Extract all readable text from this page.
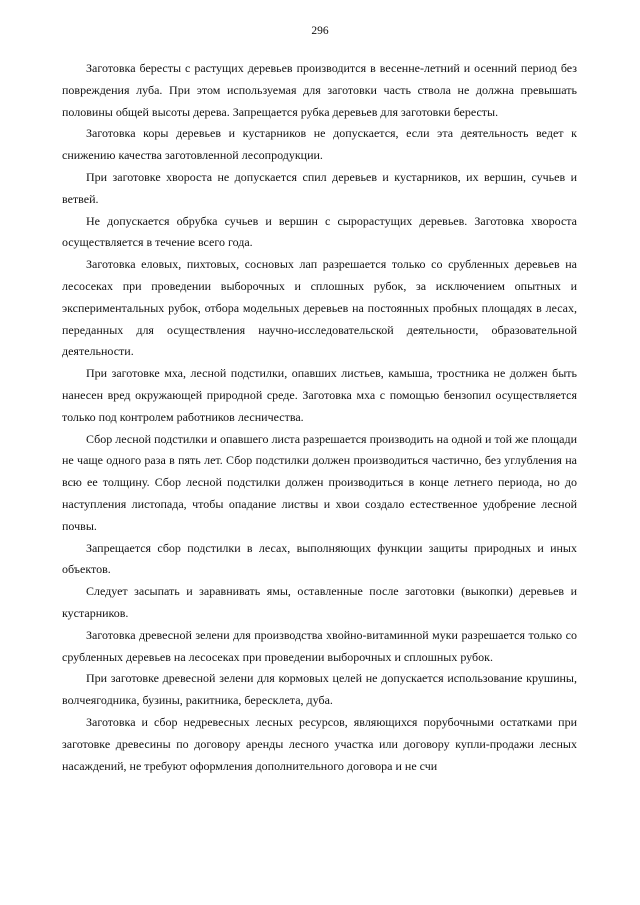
296

Заготовка бересты с растущих деревьев производится в весенне-летний и осенний период без повреждения луба. При этом используемая для заготовки часть ствола не должна превышать половины общей высоты дерева. Запрещается рубка деревьев для заготовки бересты.

Заготовка коры деревьев и кустарников не допускается, если эта деятельность ведет к снижению качества заготовленной лесопродукции.

При заготовке хвороста не допускается спил деревьев и кустарников, их вершин, сучьев и ветвей.

Не допускается обрубка сучьев и вершин с сырорастущих деревьев. Заготовка хвороста осуществляется в течение всего года.

Заготовка еловых, пихтовых, сосновых лап разрешается только со срубленных деревьев на лесосеках при проведении выборочных и сплошных рубок, за исключением опытных и экспериментальных рубок, отбора модельных деревьев на постоянных пробных площадях в лесах, переданных для осуществления научно-исследовательской деятельности, образовательной деятельности.

При заготовке мха, лесной подстилки, опавших листьев, камыша, тростника не должен быть нанесен вред окружающей природной среде. Заготовка мха с помощью бензопил осуществляется только под контролем работников лесничества.

Сбор лесной подстилки и опавшего листа разрешается производить на одной и той же площади не чаще одного раза в пять лет. Сбор подстилки должен производиться частично, без углубления на всю ее толщину. Сбор лесной подстилки должен производиться в конце летнего периода, но до наступления листопада, чтобы опадание листвы и хвои создало естественное удобрение лесной почвы.

Запрещается сбор подстилки в лесах, выполняющих функции защиты природных и иных объектов.

Следует засыпать и заравнивать ямы, оставленные после заготовки (выкопки) деревьев и кустарников.

Заготовка древесной зелени для производства хвойно-витаминной муки разрешается только со срубленных деревьев на лесосеках при проведении выборочных и сплошных рубок.

При заготовке древесной зелени для кормовых целей не допускается использование крушины, волчеягодника, бузины, ракитника, бересклета, дуба.

Заготовка и сбор недревесных лесных ресурсов, являющихся порубочными остатками при заготовке древесины по договору аренды лесного участка или договору купли-продажи лесных насаждений, не требуют оформления дополнительного договора и не счи
